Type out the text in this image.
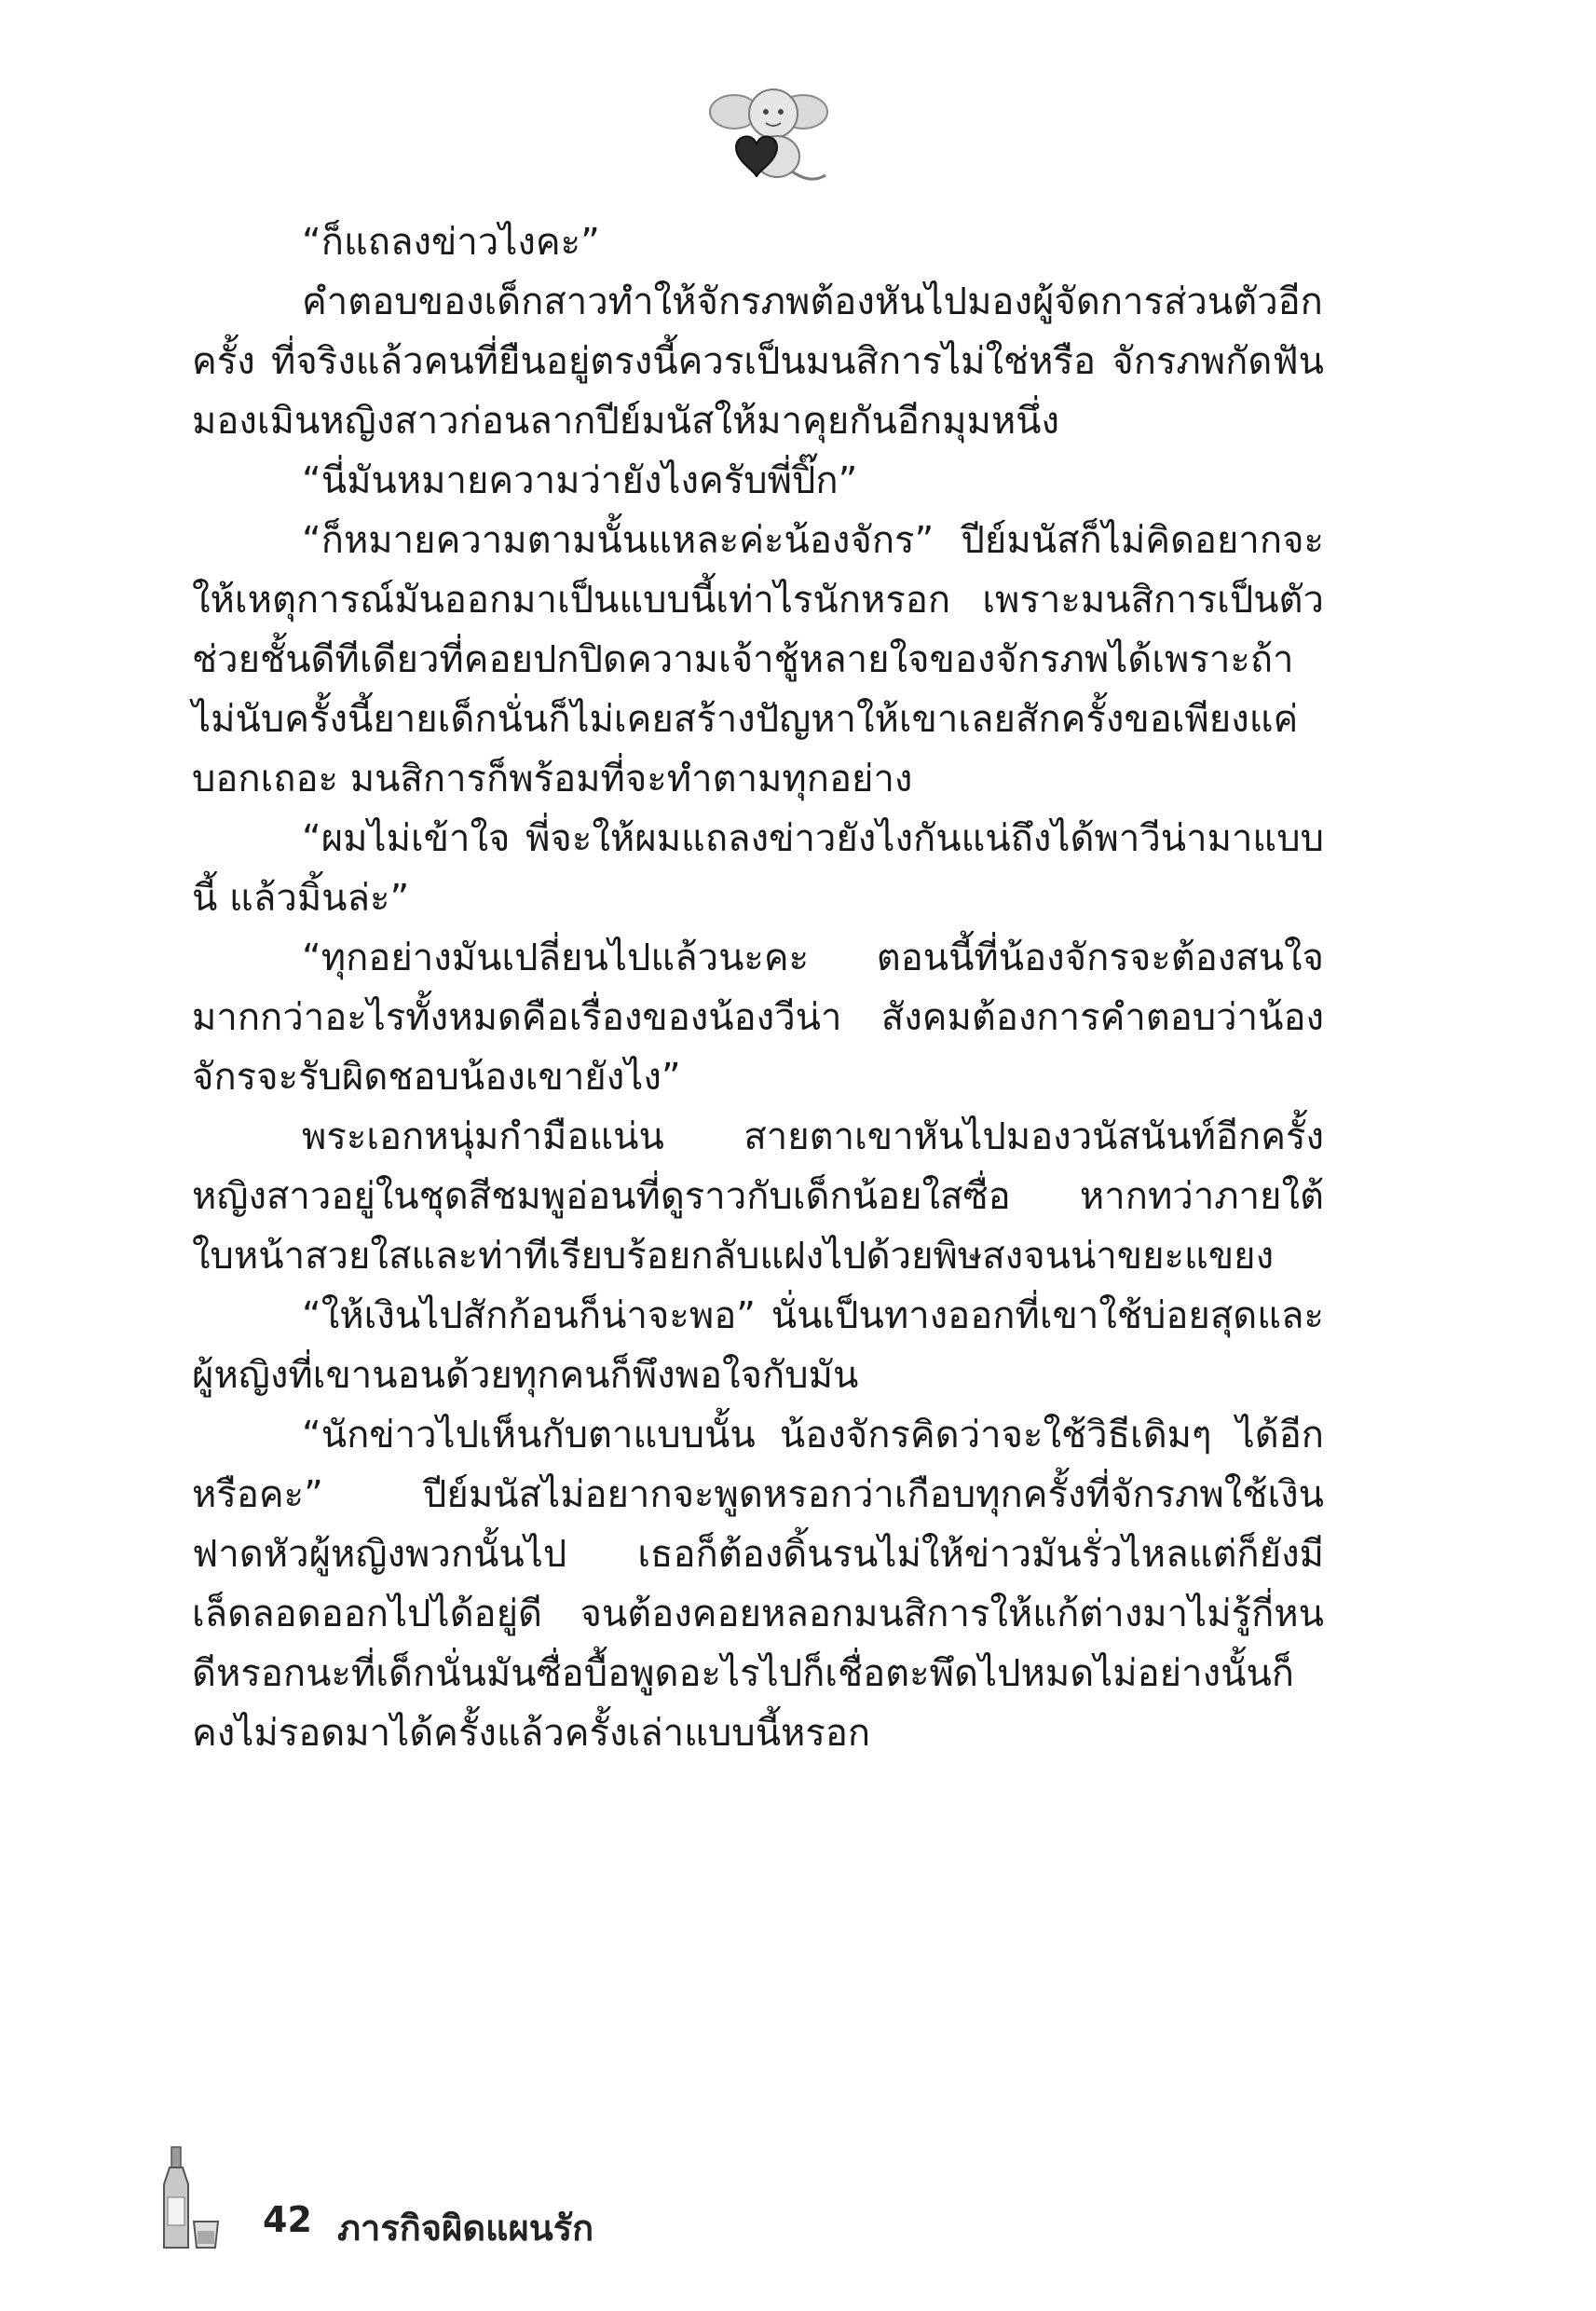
“ก็แถลงข่าวไงคะ”

คำตอบของเด็กสาวทำให้จักรภพต้องหันไปมองผู้จัดการส่วนตัวอีกครั้ง ที่จริงแล้วคนที่ยืนอยู่ตรงนี้ควรเป็นมนสิการไม่ใช่หรือ จักรภพกัดฟันมองเมินหญิงสาวก่อนลากปีย์มนัสให้มาคุยกันอีกมุมหนึ่ง

“นี่มันหมายความว่ายังไงครับพี่ปิ๊ก”

“ก็หมายความตามนั้นแหละค่ะน้องจักร” ปีย์มนัสก็ไม่คิดอยากจะให้เหตุการณ์มันออกมาเป็นแบบนี้เท่าไรนักหรอก เพราะมนสิการเป็นตัวช่วยชั้นดีทีเดียวที่คอยปกปิดความเจ้าชู้หลายใจของจักรภพได้เพราะถ้าไม่นับครั้งนี้ยายเด็กนั่นก็ไม่เคยสร้างปัญหาให้เขาเลยสักครั้งขอเพียงแค่บอกเถอะ มนสิการก็พร้อมที่จะทำตามทุกอย่าง

“ผมไม่เข้าใจ พี่จะให้ผมแถลงข่าวยังไงกันแน่ถึงได้พาวีน่ามาแบบนี้ แล้วมิ้นล่ะ”

“ทุกอย่างมันเปลี่ยนไปแล้วนะคะ ตอนนี้ที่น้องจักรจะต้องสนใจมากกว่าอะไรทั้งหมดคือเรื่องของน้องวีน่า สังคมต้องการคำตอบว่าน้องจักรจะรับผิดชอบน้องเขายังไง”

พระเอกหนุ่มกำมือแน่น สายตาเขาหันไปมองวนัสนันท์อีกครั้งหญิงสาวอยู่ในชุดสีชมพูอ่อนที่ดูราวกับเด็กน้อยใสซื่อ หากทว่าภายใต้ใบหน้าสวยใสและท่าทีเรียบร้อยกลับแฝงไปด้วยพิษสงจนน่าขยะแขยง

“ให้เงินไปสักก้อนก็น่าจะพอ” นั่นเป็นทางออกที่เขาใช้บ่อยสุดและผู้หญิงที่เขานอนด้วยทุกคนก็พึงพอใจกับมัน

“นักข่าวไปเห็นกับตาแบบนั้น น้องจักรคิดว่าจะใช้วิธีเดิมๆ ได้อีกหรือคะ” ปีย์มนัสไม่อยากจะพูดหรอกว่าเกือบทุกครั้งที่จักรภพใช้เงินฟาดหัวผู้หญิงพวกนั้นไป เธอก็ต้องดิ้นรนไม่ให้ข่าวมันรั่วไหลแต่ก็ยังมีเล็ดลอดออกไปได้อยู่ดี จนต้องคอยหลอกมนสิการให้แก้ต่างมาไม่รู้กี่หน ดีหรอกนะที่เด็กนั่นมันซื่อบื้อพูดอะไรไปก็เชื่อตะพึดไปหมดไม่อย่างนั้นก็คงไม่รอดมาได้ครั้งแล้วครั้งเล่าแบบนี้หรอก

42 ภารกิจผิดแผนรัก
